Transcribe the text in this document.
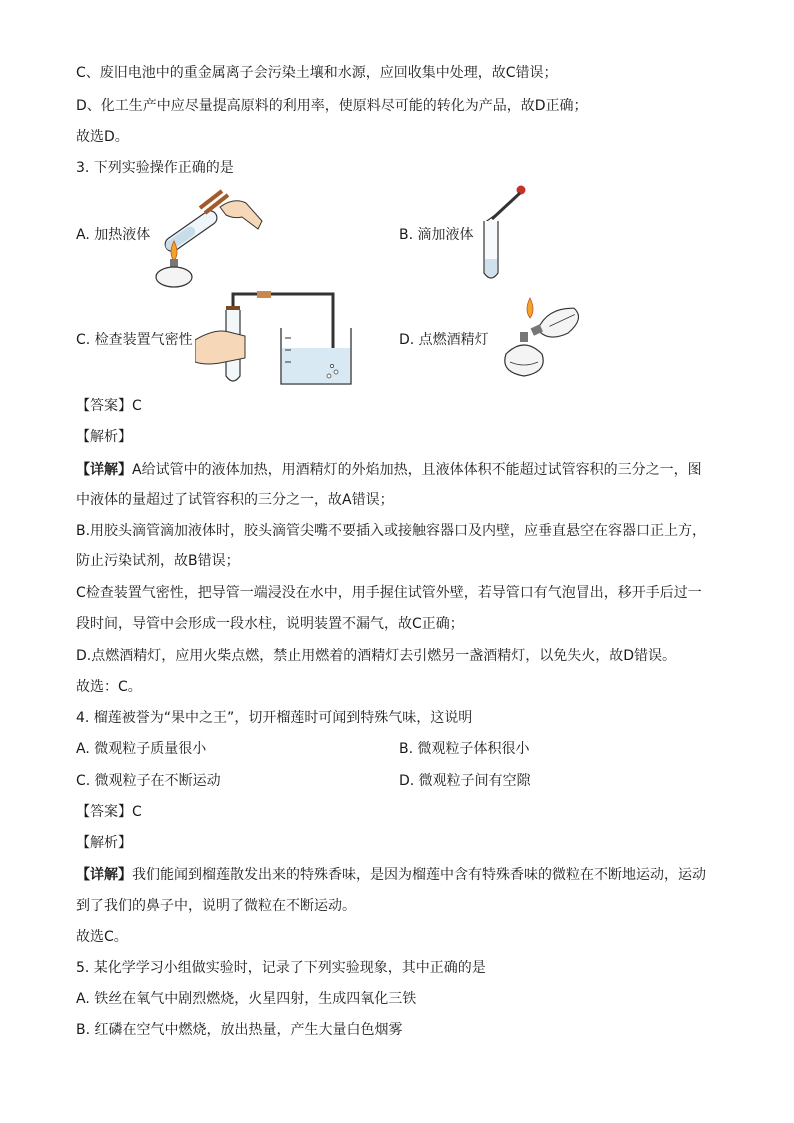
C、废旧电池中的重金属离子会污染土壤和水源，应回收集中处理，故C错误；
D、化工生产中应尽量提高原料的利用率，使原料尽可能的转化为产品，故D正确；
故选D。
3. 下列实验操作正确的是
A. 加热液体	B. 滴加液体
C. 检查装置气密性	D. 点燃酒精灯
【答案】C
【解析】
【详解】A给试管中的液体加热，用酒精灯的外焰加热，且液体体积不能超过试管容积的三分之一，图
中液体的量超过了试管容积的三分之一，故A错误；
B.用胶头滴管滴加液体时，胶头滴管尖嘴不要插入或接触容器口及内壁，应垂直悬空在容器口正上方，
防止污染试剂，故B错误；
C检查装置气密性，把导管一端浸没在水中，用手握住试管外壁，若导管口有气泡冒出，移开手后过一
段时间，导管中会形成一段水柱，说明装置不漏气，故C正确；
D.点燃酒精灯，应用火柴点燃，禁止用燃着的酒精灯去引燃另一盏酒精灯，以免失火，故D错误。
故选：C。
4. 榴莲被誉为“果中之王”，切开榴莲时可闻到特殊气味，这说明
A. 微观粒子质量很小	B. 微观粒子体积很小
C. 微观粒子在不断运动	D. 微观粒子间有空隙
【答案】C
【解析】
【详解】我们能闻到榴莲散发出来的特殊香味，是因为榴莲中含有特殊香味的微粒在不断地运动，运动
到了我们的鼻子中，说明了微粒在不断运动。
故选C。
5. 某化学学习小组做实验时，记录了下列实验现象，其中正确的是
A. 铁丝在氧气中剧烈燃烧，火星四射，生成四氧化三铁
B. 红磷在空气中燃烧，放出热量，产生大量白色烟雾
